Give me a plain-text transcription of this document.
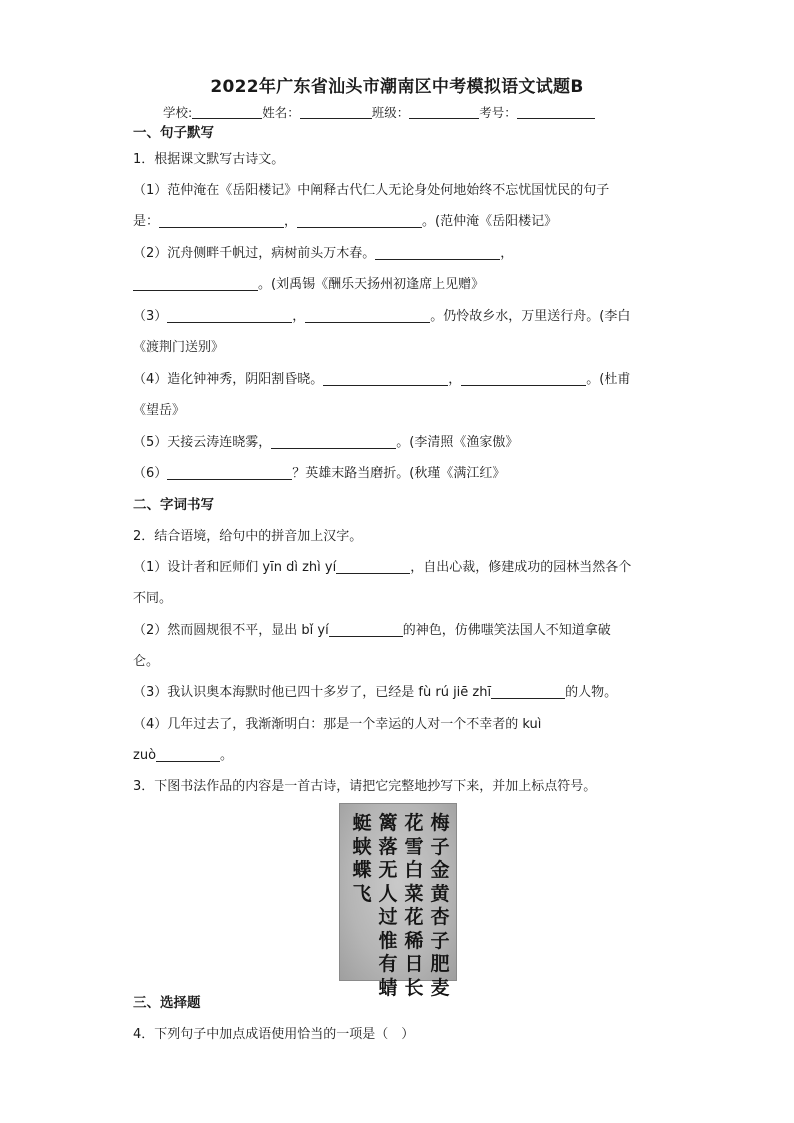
2022年广东省汕头市潮南区中考模拟语文试题B
学校:	姓名：	班级：	考号：
一、句子默写
1．根据课文默写古诗文。
（1）范仲淹在《岳阳楼记》中阐释古代仁人无论身处何地始终不忘忧国忧民的句子
是：	，	。(范仲淹《岳阳楼记》
（2）沉舟侧畔千帆过，病树前头万木春。	，
。(刘禹锡《酬乐天扬州初逢席上见赠》
（3）	，	。仍怜故乡水，万里送行舟。(李白
《渡荆门送别》
（4）造化钟神秀，阴阳割昏晓。	，	。(杜甫
《望岳》
（5）天接云涛连晓雾，	。(李清照《渔家傲》
（6）	？英雄末路当磨折。(秋瑾《满江红》
二、字词书写
2．结合语境，给句中的拼音加上汉字。
（1）设计者和匠师们 yīn dì zhì yí	，自出心裁，修建成功的园林当然各个
不同。
（2）然而圆规很不平，显出 bǐ yí	的神色，仿佛嗤笑法国人不知道拿破
仑。
（3）我认识奥本海默时他已四十多岁了，已经是 fù rú jiē zhī	的人物。
（4）几年过去了，我渐渐明白：那是一个幸运的人对一个不幸者的 kuì
zuò	。
3．下图书法作品的内容是一首古诗，请把它完整地抄写下来，并加上标点符号。
梅子金黄杏子肥麦
花雪白菜花稀日长
篱落无人过惟有蜻
蜓蛱蝶飞
三、选择题
4．下列句子中加点成语使用恰当的一项是（　）
